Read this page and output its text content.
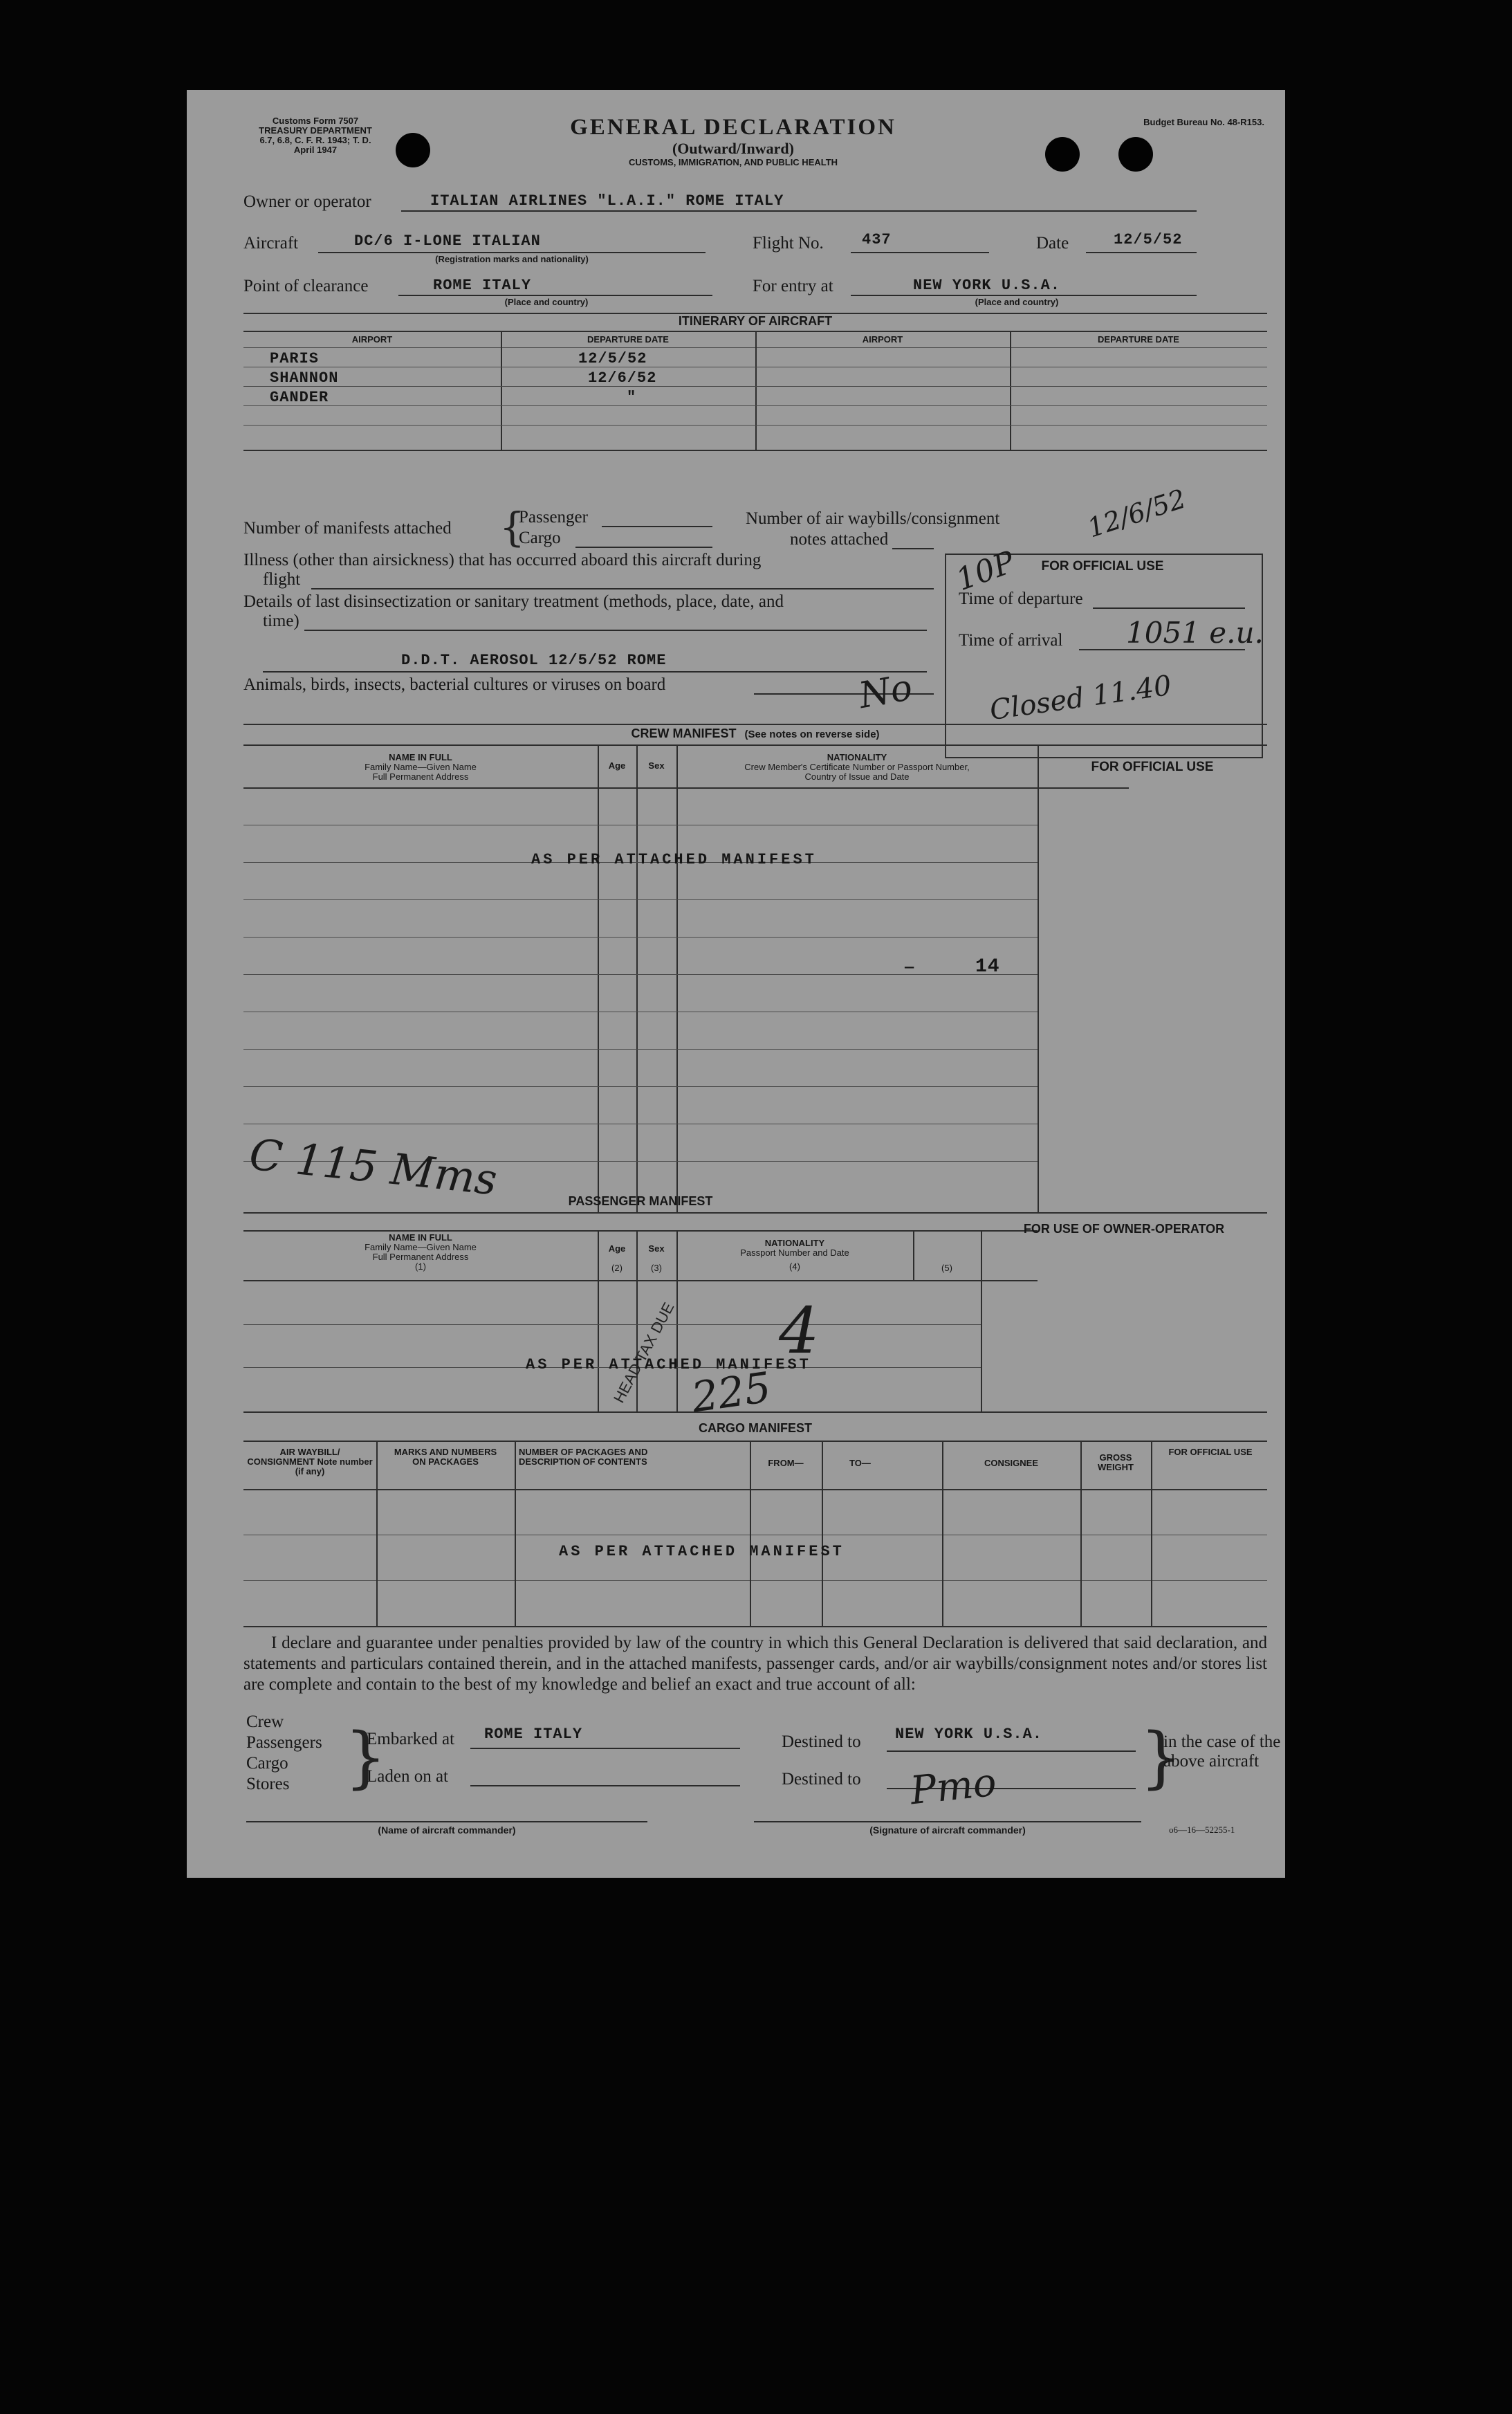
Customs Form 7507
TREASURY DEPARTMENT
6.7, 6.8, C. F. R. 1943; T. D.
April 1947
GENERAL DECLARATION
(Outward/Inward)
CUSTOMS, IMMIGRATION, AND PUBLIC HEALTH
Budget Bureau No. 48-R153.
Owner or operator	ITALIAN AIRLINES "L.A.I." ROME ITALY
Aircraft	DC/6 I-LONE ITALIAN
(Registration marks and nationality)
Flight No.	437	Date	12/5/52
Point of clearance	ROME ITALY
(Place and country)
For entry at	NEW YORK U.S.A.
(Place and country)
ITINERARY OF AIRCRAFT
AIRPORT	DEPARTURE DATE	AIRPORT	DEPARTURE DATE
PARIS	12/5/52
SHANNON	12/6/52
GANDER	"
Number of manifests attached {
Passenger
Cargo
Number of air waybills/consignment
notes attached
Illness (other than airsickness) that has occurred aboard this aircraft during
flight
Details of last disinsectization or sanitary treatment (methods, place, date, and
time)
D.D.T. AEROSOL 12/5/52 ROME
Animals, birds, insects, bacterial cultures or viruses on board
FOR OFFICIAL USE
Time of departure
Time of arrival 1051 e.u.
CREW MANIFEST (See notes on reverse side)
NAME IN FULL
Family Name—Given Name
Full Permanent Address
Age	Sex
NATIONALITY
Crew Member's Certificate Number or Passport Number,
Country of Issue and Date
FOR OFFICIAL USE
AS PER ATTACHED MANIFEST
—	14
PASSENGER MANIFEST
NAME IN FULL
Family Name—Given Name
Full Permanent Address
(1)
Age
(2)
Sex
(3)
NATIONALITY
Passport Number and Date
(4)	(5)
FOR USE OF OWNER-OPERATOR
AS PER ATTACHED MANIFEST
HEAD TAX DUE
CARGO MANIFEST
AIR WAYBILL/ CONSIGNMENT Note number (if any)
MARKS AND NUMBERS ON PACKAGES
NUMBER OF PACKAGES AND DESCRIPTION OF CONTENTS	FROM—	TO—	CONSIGNEE
GROSS WEIGHT
FOR OFFICIAL USE
AS PER ATTACHED MANIFEST
I declare and guarantee under penalties provided by law of the country in which this General Declaration is delivered that said declaration, and statements and particulars contained therein, and in the attached manifests, passenger cards, and/or air waybills/consignment notes and/or stores list are complete and contain to the best of my knowledge and belief an exact and true account of all:
Crew
Passengers
Cargo
Stores }
Embarked at ROME ITALY
Laden on at
Destined to NEW YORK U.S.A.
Destined to	}
in the case of the
above aircraft
(Name of aircraft commander)	(Signature of aircraft commander)	o6—16—52255-1
12/6/52
10P
No	Closed 11.40
C 115 Mms
4
225
Pmo
